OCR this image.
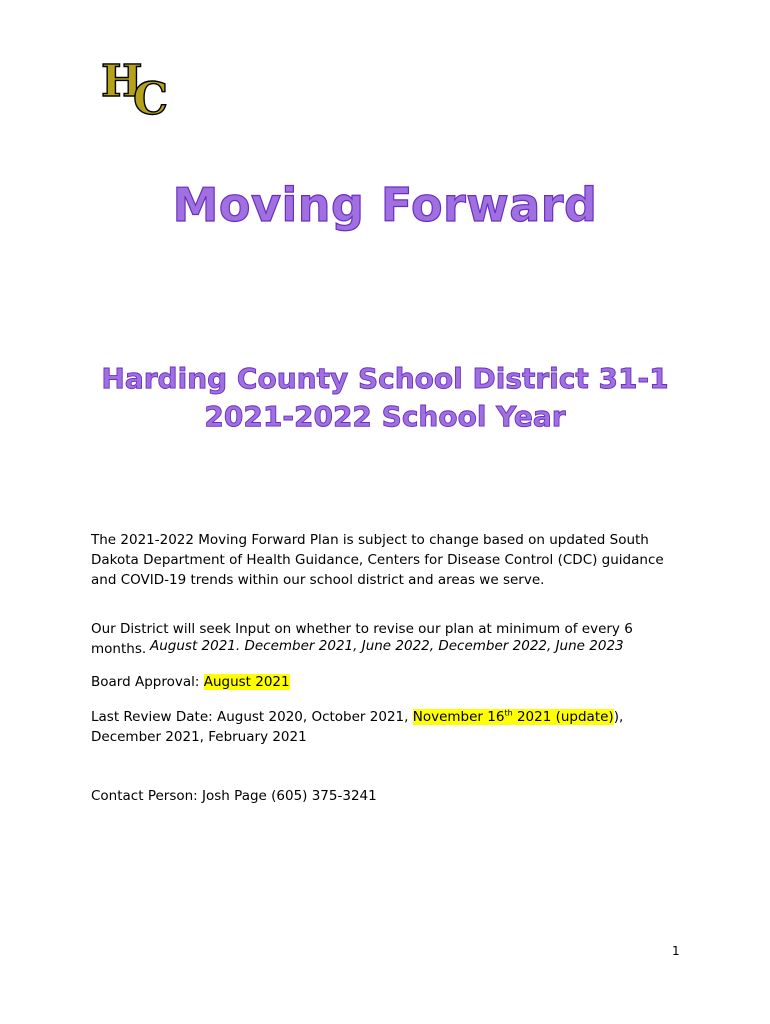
H
C
Moving Forward
Harding County School District 31-1
2021-2022 School Year

The 2021-2022 Moving Forward Plan is subject to change based on updated South Dakota Department of Health Guidance, Centers for Disease Control (CDC) guidance and COVID-19 trends within our school district and areas we serve.

Our District will seek Input on whether to revise our plan at minimum of every 6 months. August 2021. December 2021, June 2022, December 2022, June 2023

Board Approval: August 2021

Last Review Date: August 2020, October 2021, November 16th 2021 (update)),
December 2021, February 2021

Contact Person: Josh Page (605) 375-3241

1
